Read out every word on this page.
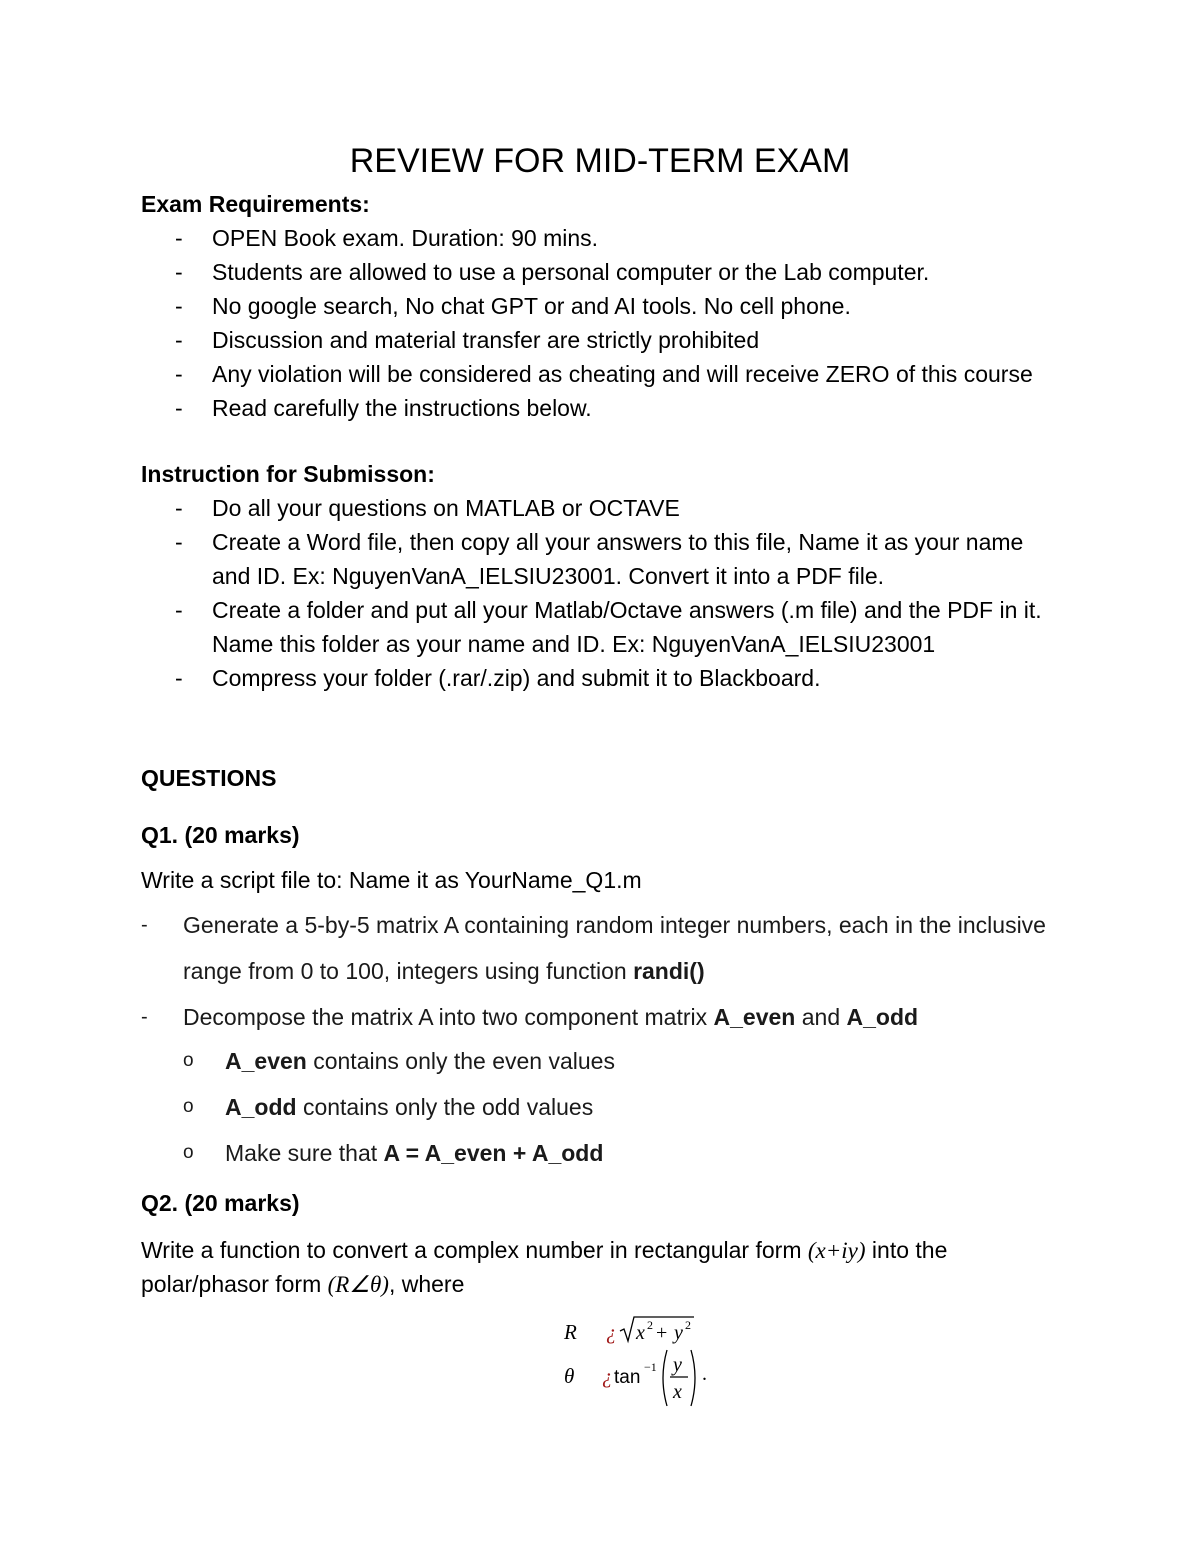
REVIEW FOR MID-TERM EXAM

Exam Requirements:

- OPEN Book exam. Duration: 90 mins.
- Students are allowed to use a personal computer or the Lab computer.
- No google search, No chat GPT or and AI tools. No cell phone.
- Discussion and material transfer are strictly prohibited
- Any violation will be considered as cheating and will receive ZERO of this course
- Read carefully the instructions below.

Instruction for Submisson:

- Do all your questions on MATLAB or OCTAVE
- Create a Word file, then copy all your answers to this file, Name it as your name and ID. Ex: NguyenVanA_IELSIU23001. Convert it into a PDF file.
- Create a folder and put all your Matlab/Octave answers (.m file) and the PDF in it. Name this folder as your name and ID. Ex: NguyenVanA_IELSIU23001
- Compress your folder (.rar/.zip) and submit it to Blackboard.

QUESTIONS

Q1. (20 marks)

Write a script file to: Name it as YourName_Q1.m

- Generate a 5-by-5 matrix A containing random integer numbers, each in the inclusive range from 0 to 100, integers using function randi()
- Decompose the matrix A into two component matrix A_even and A_odd
o A_even contains only the even values
o A_odd contains only the odd values
o Make sure that A = A_even + A_odd

Q2. (20 marks)

Write a function to convert a complex number in rectangular form (x+iy) into the

polar/phasor form (R∠θ), where

R ¿ x 2 + y 2
θ ¿ tan −1 y
x
.
